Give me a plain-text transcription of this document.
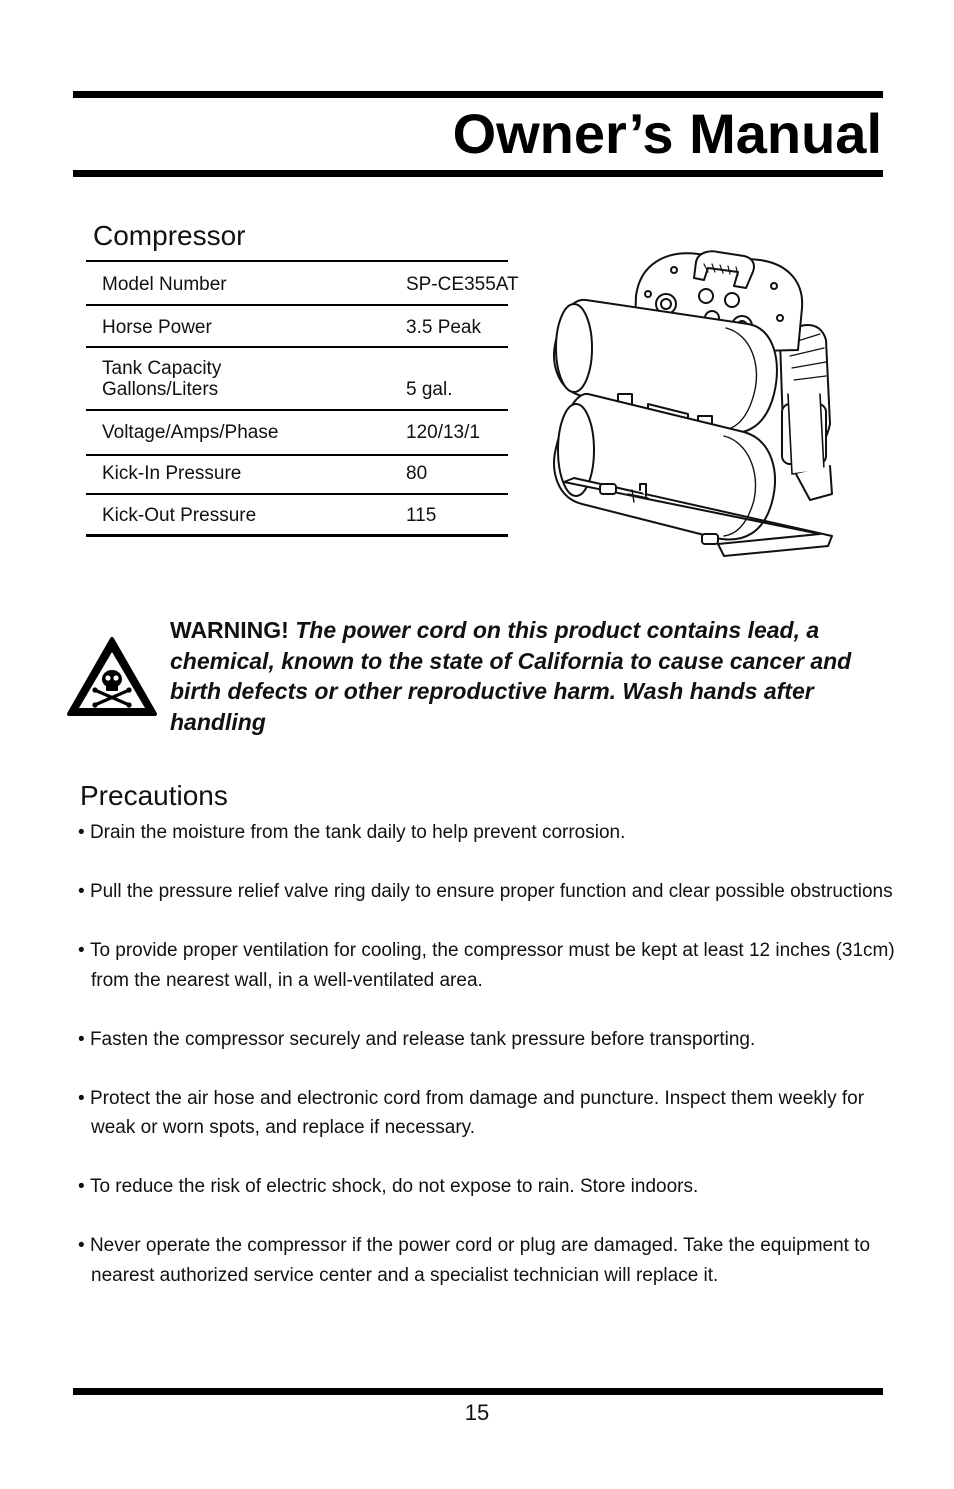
Owner’s Manual
Compressor
Model Number	SP-CE355AT
Horse Power	3.5 Peak
Tank Capacity
Gallons/Liters	5 gal.
Voltage/Amps/Phase	120/13/1
Kick-In Pressure	80
Kick-Out Pressure	115
WARNING! The power cord on this product contains lead, a chemical, known to the state of California to cause cancer and birth defects or other reproductive harm. Wash hands after handling
Precautions
• Drain the moisture from the tank daily to help prevent corrosion.
• Pull the pressure relief valve ring daily to ensure proper function and clear possible obstructions
• To provide proper ventilation for cooling, the compressor must be kept at least 12 inches (31cm) from the nearest wall, in a well-ventilated area.
• Fasten the compressor securely and release tank pressure before transporting.
• Protect the air hose and electronic cord from damage and puncture. Inspect them weekly for weak or worn spots, and replace if necessary.
• To reduce the risk of electric shock, do not expose to rain. Store indoors.
• Never operate the compressor if the power cord or plug are damaged. Take the equipment to nearest authorized service center and a specialist technician will replace it.
15
